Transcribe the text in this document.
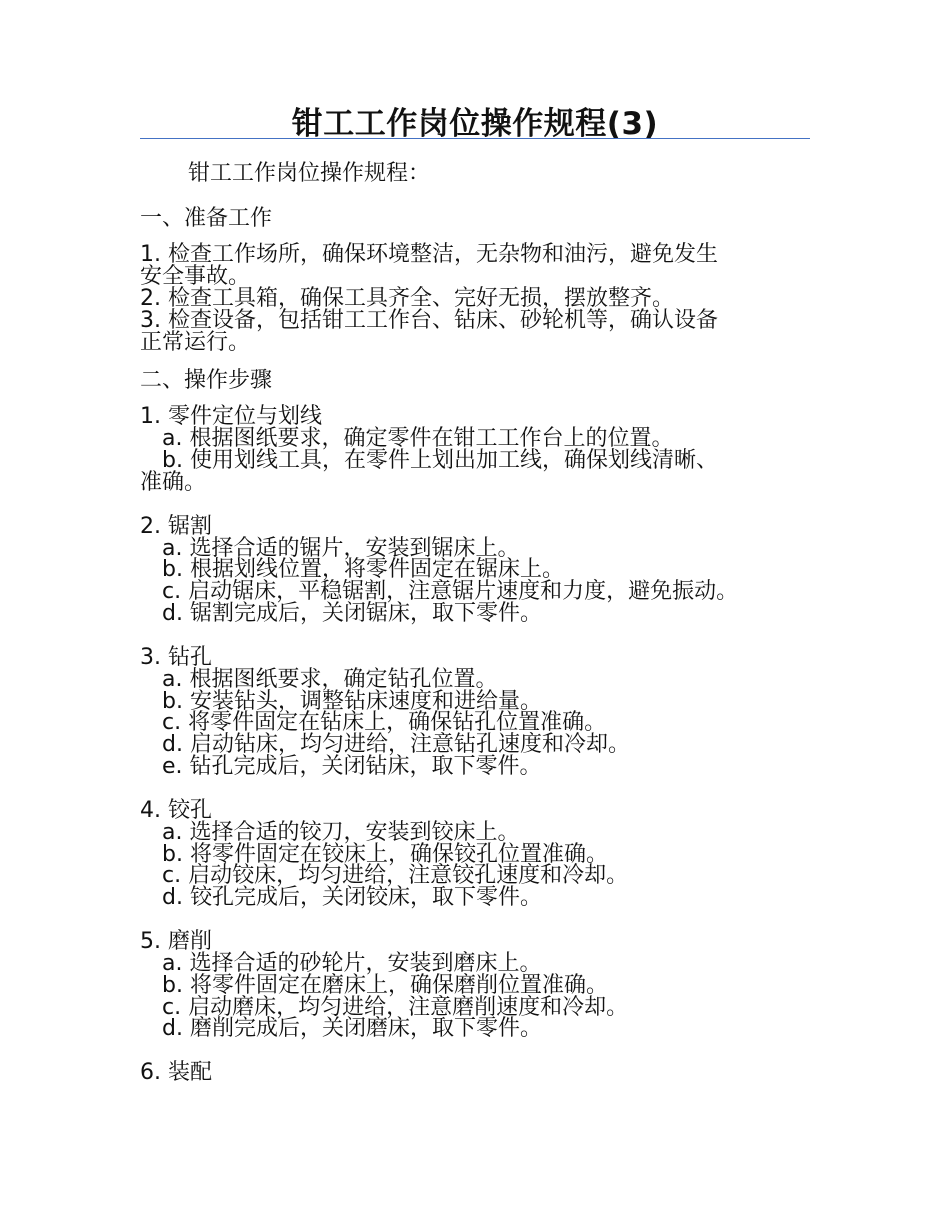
钳工工作岗位操作规程(3)
钳工工作岗位操作规程：
一、准备工作
1. 检查工作场所，确保环境整洁，无杂物和油污，避免发生
安全事故。
2. 检查工具箱，确保工具齐全、完好无损，摆放整齐。
3. 检查设备，包括钳工工作台、钻床、砂轮机等，确认设备
正常运行。
二、操作步骤
1. 零件定位与划线
a. 根据图纸要求，确定零件在钳工工作台上的位置。
b. 使用划线工具，在零件上划出加工线，确保划线清晰、
准确。
2. 锯割
a. 选择合适的锯片，安装到锯床上。
b. 根据划线位置，将零件固定在锯床上。
c. 启动锯床，平稳锯割，注意锯片速度和力度，避免振动。
d. 锯割完成后，关闭锯床，取下零件。
3. 钻孔
a. 根据图纸要求，确定钻孔位置。
b. 安装钻头，调整钻床速度和进给量。
c. 将零件固定在钻床上，确保钻孔位置准确。
d. 启动钻床，均匀进给，注意钻孔速度和冷却。
e. 钻孔完成后，关闭钻床，取下零件。
4. 铰孔
a. 选择合适的铰刀，安装到铰床上。
b. 将零件固定在铰床上，确保铰孔位置准确。
c. 启动铰床，均匀进给，注意铰孔速度和冷却。
d. 铰孔完成后，关闭铰床，取下零件。
5. 磨削
a. 选择合适的砂轮片，安装到磨床上。
b. 将零件固定在磨床上，确保磨削位置准确。
c. 启动磨床，均匀进给，注意磨削速度和冷却。
d. 磨削完成后，关闭磨床，取下零件。
6. 装配
